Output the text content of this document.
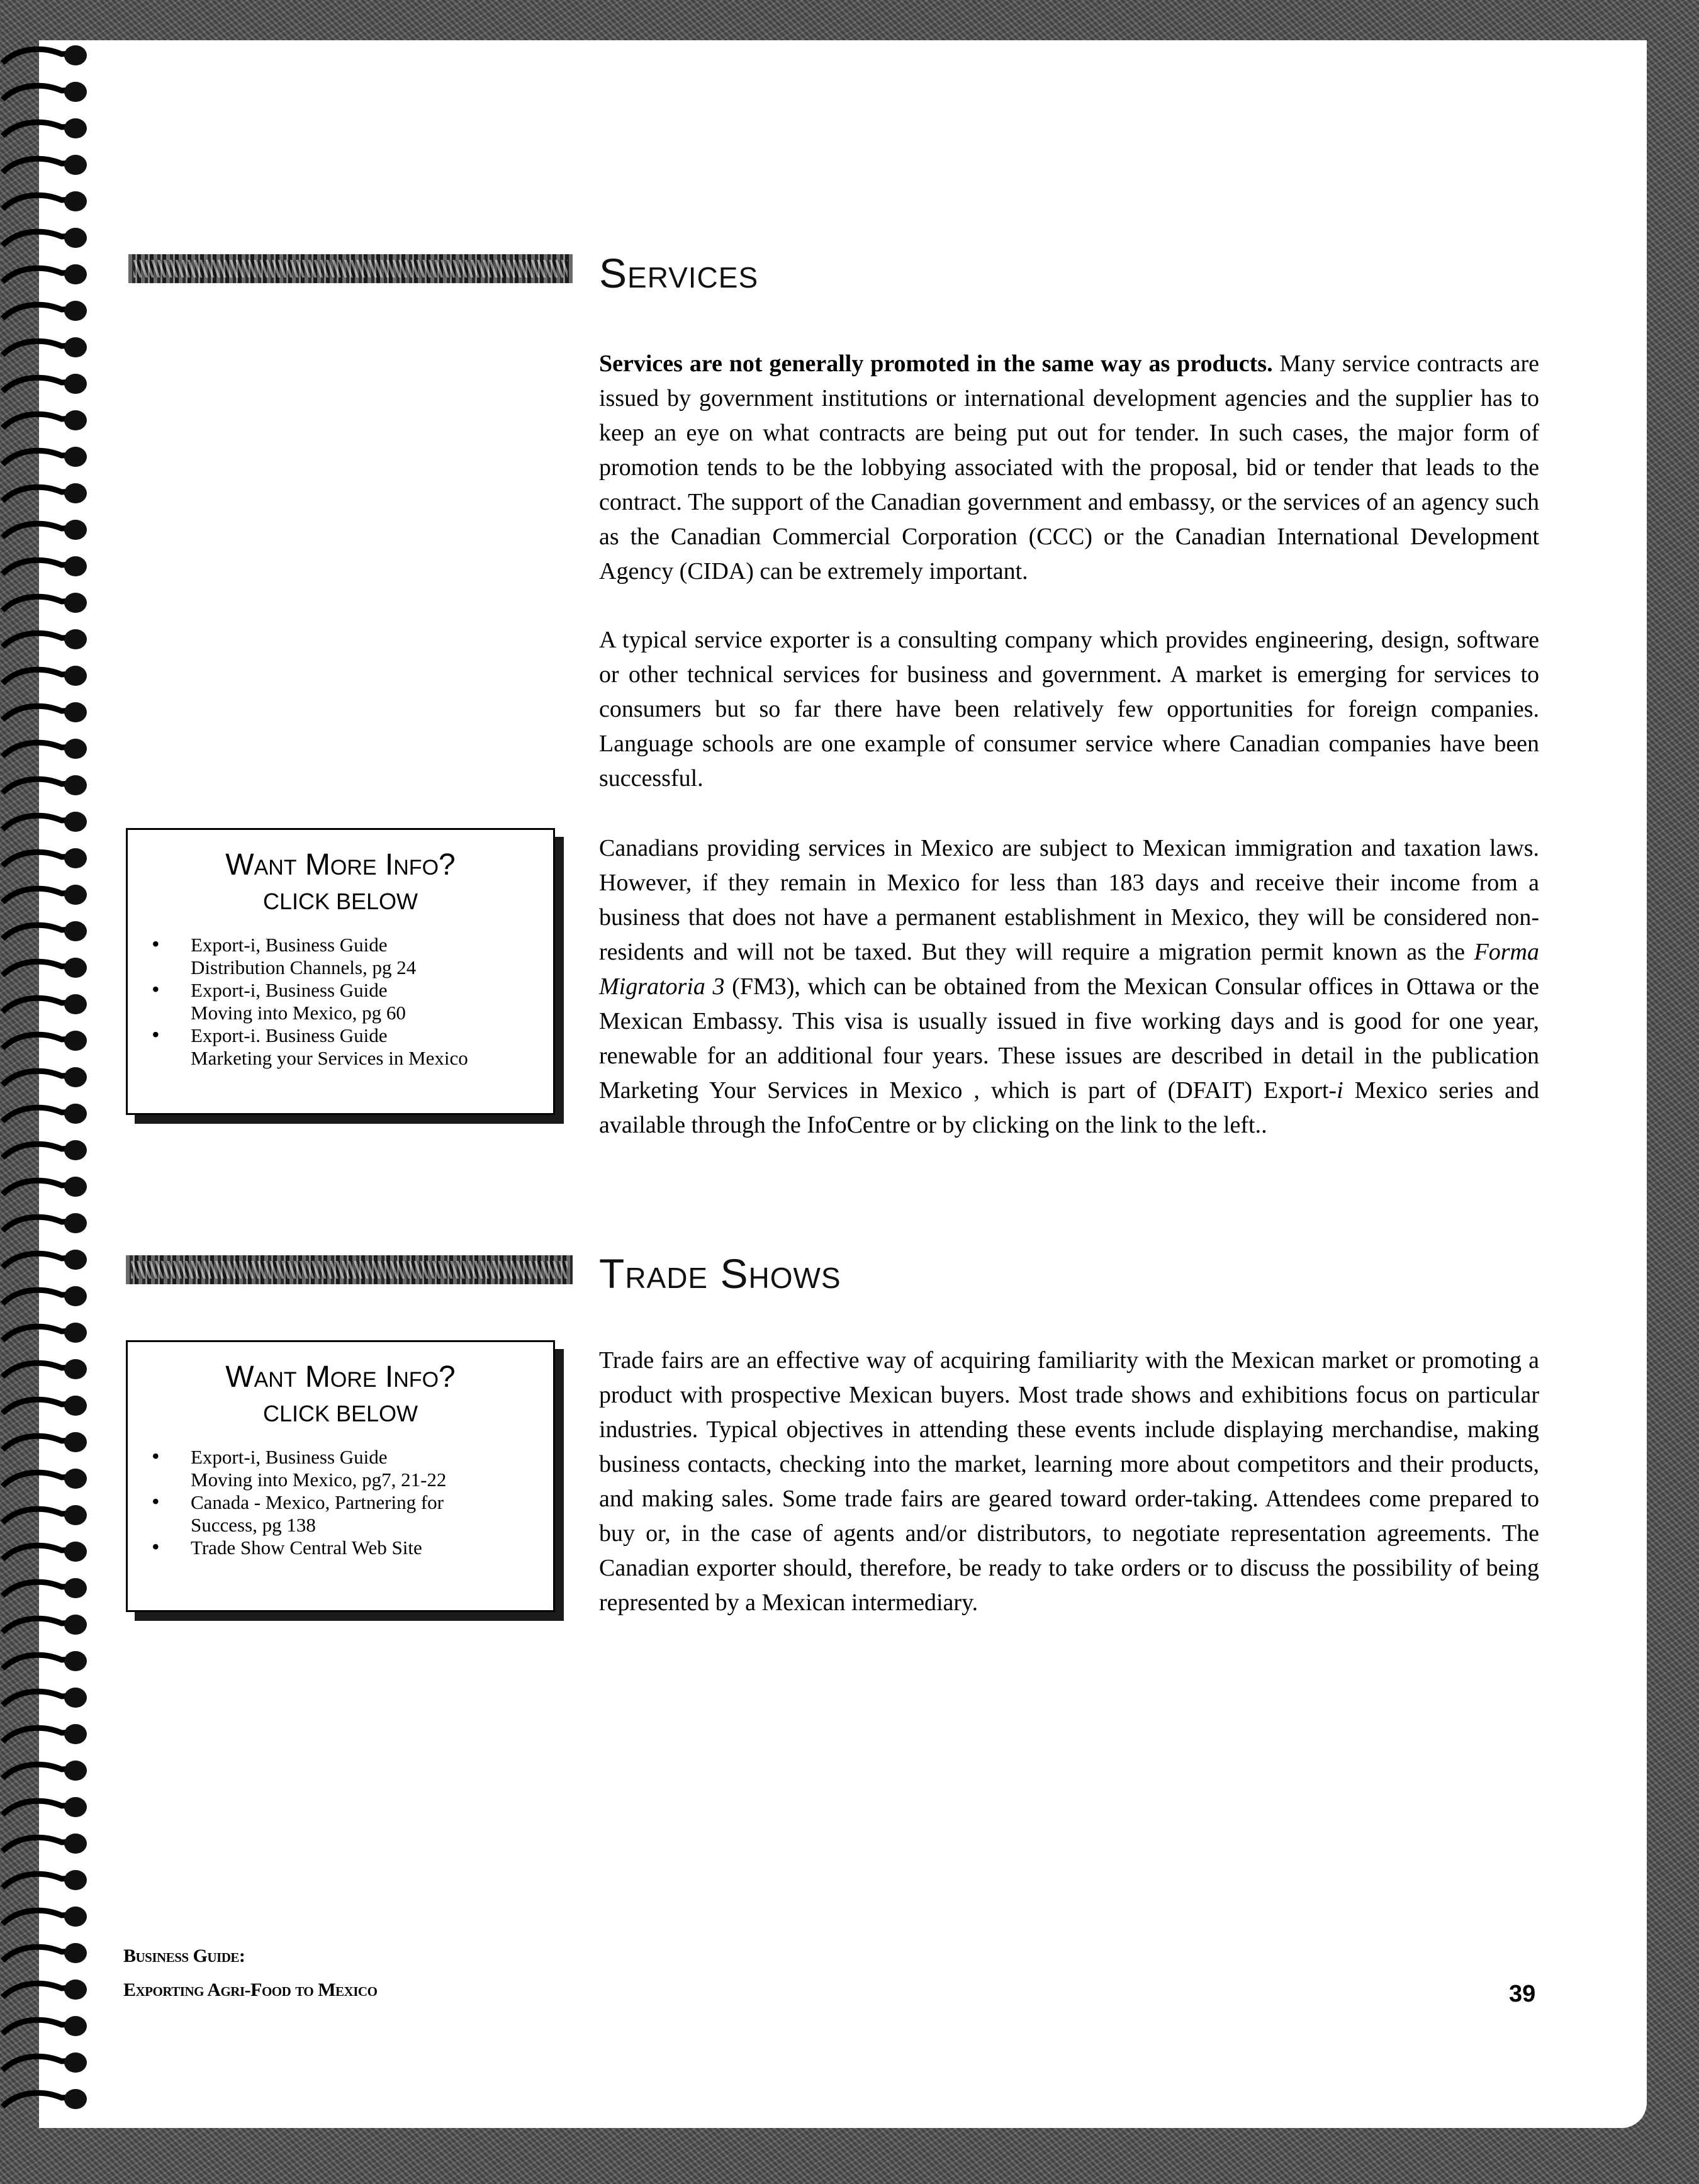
Services

Services are not generally promoted in the same way as products. Many service contracts are issued by government institutions or international development agencies and the supplier has to keep an eye on what contracts are being put out for tender. In such cases, the major form of promotion tends to be the lobbying associated with the proposal, bid or tender that leads to the contract. The support of the Canadian government and embassy, or the services of an agency such as the Canadian Commercial Corporation (CCC) or the Canadian International Development Agency (CIDA) can be extremely important.

A typical service exporter is a consulting company which provides engineering, design, software or other technical services for business and government. A market is emerging for services to consumers but so far there have been relatively few opportunities for foreign companies. Language schools are one example of consumer service where Canadian companies have been successful.

Canadians providing services in Mexico are subject to Mexican immigration and taxation laws. However, if they remain in Mexico for less than 183 days and receive their income from a business that does not have a permanent establishment in Mexico, they will be considered non-residents and will not be taxed. But they will require a migration permit known as the Forma Migratoria 3 (FM3), which can be obtained from the Mexican Consular offices in Ottawa or the Mexican Embassy. This visa is usually issued in five working days and is good for one year, renewable for an additional four years. These issues are described in detail in the publication Marketing Your Services in Mexico , which is part of (DFAIT) Export-i Mexico series and available through the InfoCentre or by clicking on the link to the left..

Want More Info?
CLICK BELOW
• Export-i, Business Guide
Distribution Channels, pg 24
• Export-i, Business Guide
Moving into Mexico, pg 60
• Export-i. Business Guide
Marketing your Services in Mexico
Trade Shows

Trade fairs are an effective way of acquiring familiarity with the Mexican market or promoting a product with prospective Mexican buyers. Most trade shows and exhibitions focus on particular industries. Typical objectives in attending these events include displaying merchandise, making business contacts, checking into the market, learning more about competitors and their products, and making sales. Some trade fairs are geared toward order-taking. Attendees come prepared to buy or, in the case of agents and/or distributors, to negotiate representation agreements. The Canadian exporter should, therefore, be ready to take orders or to discuss the possibility of being represented by a Mexican intermediary.

Want More Info?
CLICK BELOW
• Export-i, Business Guide
Moving into Mexico, pg7, 21-22
• Canada - Mexico, Partnering for
Success, pg 138
• Trade Show Central Web Site
Business Guide:
Exporting Agri-Food to Mexico	39
